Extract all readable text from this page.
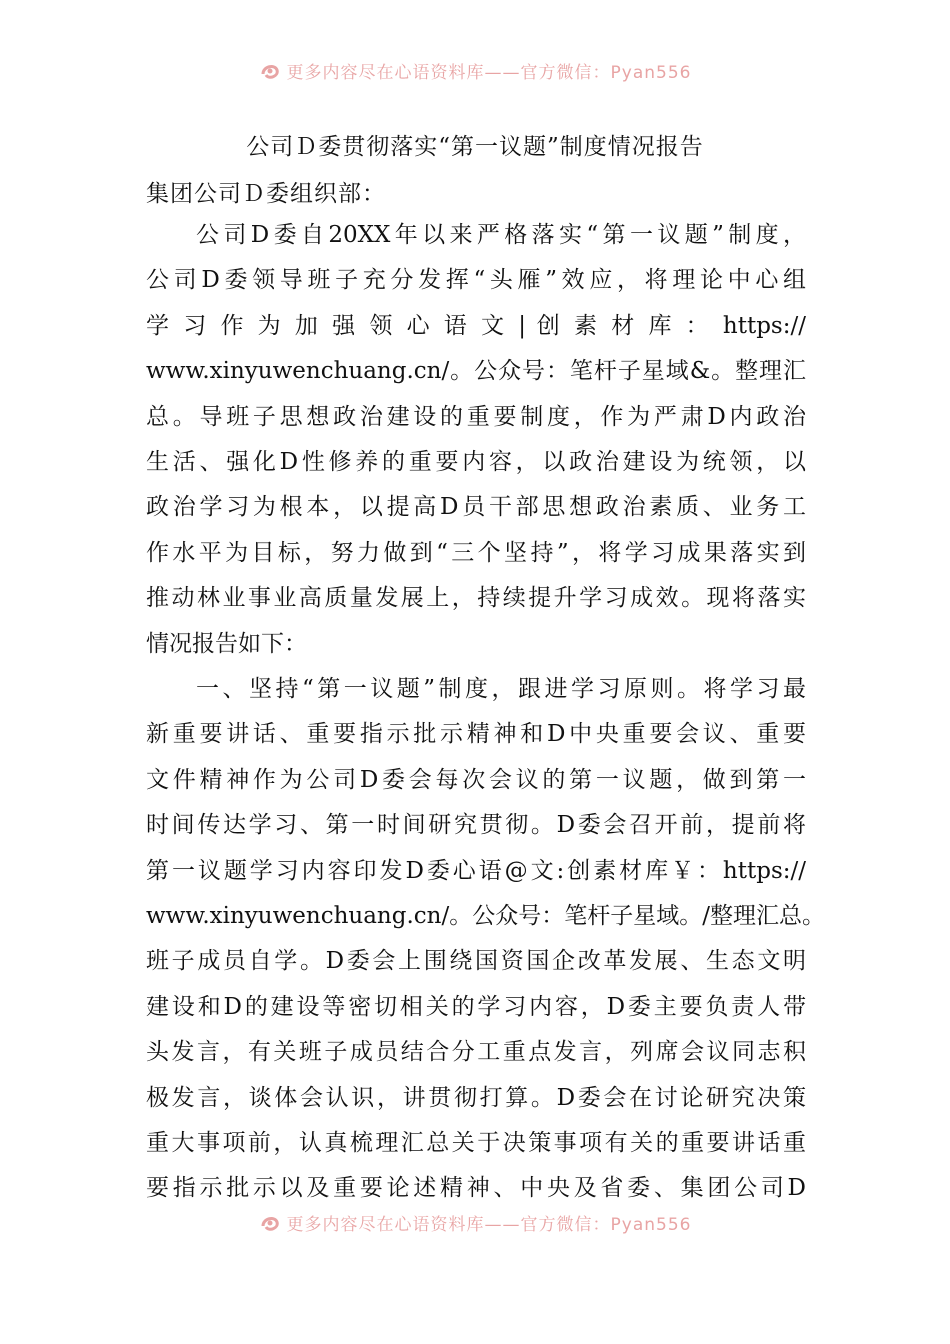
更多内容尽在心语资料库——官方微信：Pyan556
公司Ｄ委贯彻落实“第一议题”制度情况报告
集团公司Ｄ委组织部：
公司D委自20XX年以来严格落实“第一议题”制度，
公司D委领导班子充分发挥“头雁”效应，将理论中心组
学 习 作 为 加 强 领 心 语 文 | 创 素 材 库 ： https://
www.xinyuwenchuang.cn/。公众号：笔杆子星域&。整理汇
总。导班子思想政治建设的重要制度，作为严肃D内政治
生活、强化D性修养的重要内容，以政治建设为统领，以
政治学习为根本，以提高D员干部思想政治素质、业务工
作水平为目标，努力做到“三个坚持”，将学习成果落实到
推动林业事业高质量发展上，持续提升学习成效。现将落实
情况报告如下：
一、坚持“第一议题”制度，跟进学习原则。将学习最
新重要讲话、重要指示批示精神和D中央重要会议、重要
文件精神作为公司D委会每次会议的第一议题，做到第一
时间传达学习、第一时间研究贯彻。D委会召开前，提前将
第一议题学习内容印发D委心语@文:创素材库￥：https://
www.xinyuwenchuang.cn/。公众号：笔杆子星域。/整理汇总。
班子成员自学。D委会上围绕国资国企改革发展、生态文明
建设和D的建设等密切相关的学习内容，D委主要负责人带
头发言，有关班子成员结合分工重点发言，列席会议同志积
极发言，谈体会认识，讲贯彻打算。D委会在讨论研究决策
重大事项前，认真梳理汇总关于决策事项有关的重要讲话重
要指示批示以及重要论述精神、中央及省委、集团公司D
更多内容尽在心语资料库——官方微信：Pyan556
